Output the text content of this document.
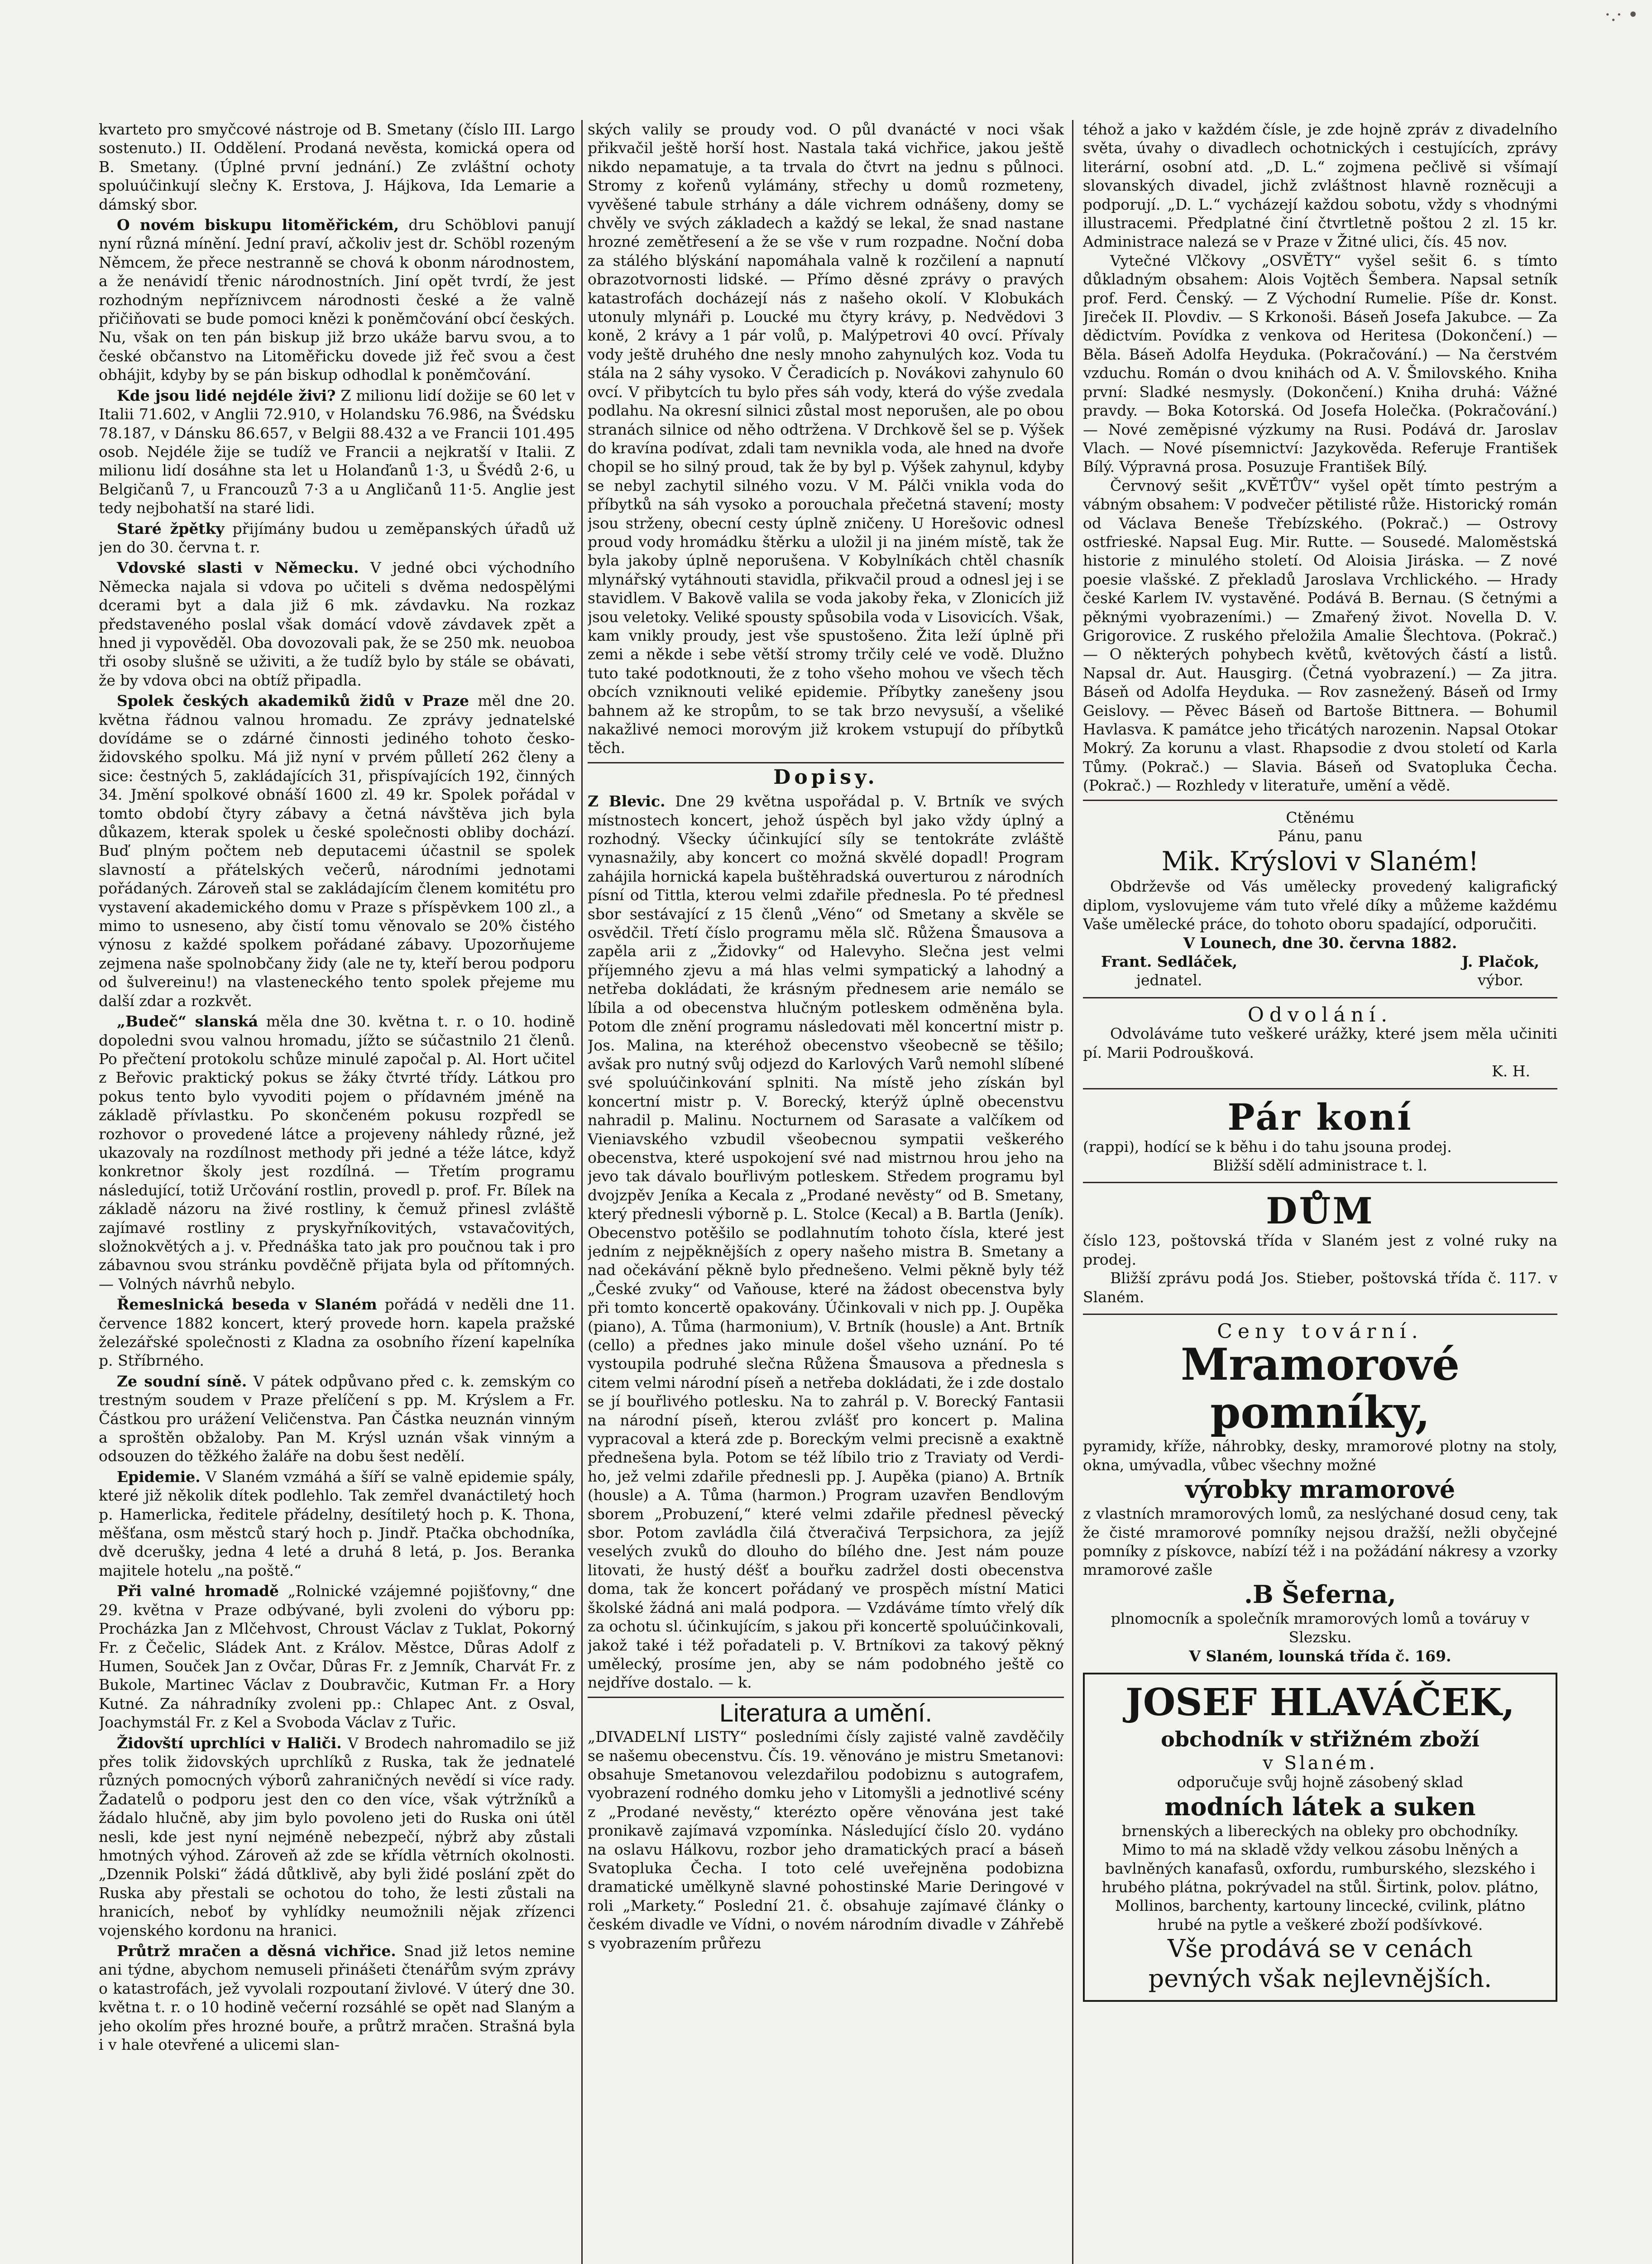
·.· •

kvarteto pro smyčcové nástroje od B. Smetany (číslo III. Largo sostenuto.) II. Oddělení. Prodaná nevěsta, komická opera od B. Smetany. (Úplné první jednání.) Ze zvláštní ochoty spoluúčinkují slečny K. Erstova, J. Hájkova, Ida Lemarie a dámský sbor.

O novém biskupu litoměřickém, dru Schöblovi panují nyní různá mínění. Jední praví, ačkoliv jest dr. Schöbl rozeným Němcem, že přece nestranně se chová k obonm národnostem, a že nenávidí třenic národnostních. Jiní opět tvrdí, že jest rozhodným nepříznivcem národnosti české a že valně přičiňovati se bude pomoci knězi k poněmčování obcí českých. Nu, však on ten pán biskup již brzo ukáže barvu svou, a to české občanstvo na Litoměřicku dovede již řeč svou a čest obhájit, kdyby by se pán biskup odhodlal k poněmčování.

Kde jsou lidé nejdéle živi? Z milionu lidí dožije se 60 let v Italii 71.602, v Anglii 72.910, v Holandsku 76.986, na Švédsku 78.187, v Dánsku 86.657, v Belgii 88.432 a ve Francii 101.495 osob. Nejdéle žije se tudíž ve Francii a nejkratší v Italii. Z milionu lidí dosáhne sta let u Holanďanů 1·3, u Švédů 2·6, u Belgičanů 7, u Francouzů 7·3 a u Angličanů 11·5. Anglie jest tedy nejbohatší na staré lidi.

Staré žpětky přijímány budou u zeměpanských úřadů už jen do 30. června t. r.

Vdovské slasti v Německu. V jedné obci východního Německa najala si vdova po učiteli s dvěma nedospělými dcerami byt a dala již 6 mk. závdavku. Na rozkaz představeného poslal však domácí vdově závdavek zpět a hned ji vypověděl. Oba dovozovali pak, že se 250 mk. neuoboa tři osoby slušně se uživiti, a že tudíž bylo by stále se obávati, že by vdova obci na obtíž připadla.

Spolek českých akademiků židů v Praze měl dne 20. května řádnou valnou hromadu. Ze zprávy jednatelské dovídáme se o zdárné činnosti jediného tohoto česko-židovského spolku. Má již nyní v prvém půlletí 262 členy a sice: čestných 5, zakládajících 31, přispívajících 192, činných 34. Jmění spolkové obnáší 1600 zl. 49 kr. Spolek pořádal v tomto období čtyry zábavy a četná návštěva jich byla důkazem, kterak spolek u české společnosti obliby dochází. Buď plným počtem neb deputacemi účastnil se spolek slavností a přátelských večerů, národními jednotami pořádaných. Zároveň stal se zakládajícím členem komitétu pro vystavení akademického domu v Praze s příspěvkem 100 zl., a mimo to usneseno, aby čistí tomu věnovalo se 20% čistého výnosu z každé spolkem pořádané zábavy. Upozorňujeme zejmena naše spolnobčany židy (ale ne ty, kteří berou podporu od šulvereinu!) na vlasteneckého tento spolek přejeme mu další zdar a rozkvět.

„Budeč“ slanská měla dne 30. května t. r. o 10. hodině dopoledni svou valnou hromadu, jížto se súčastnilo 21 členů. Po přečtení protokolu schůze minulé započal p. Al. Hort učitel z Beřovic praktický pokus se žáky čtvrté třídy. Látkou pro pokus tento bylo vyvoditi pojem o přídavném jméně na základě přívlastku. Po skončeném pokusu rozpředl se rozhovor o provedené látce a projeveny náhledy různé, jež ukazovaly na rozdílnost methody při jedné a téže látce, když konkretnor školy jest rozdílná. — Třetím programu následující, totiž Určování rostlin, provedl p. prof. Fr. Bílek na základě názoru na živé rostliny, k čemuž přinesl zvláště zajímavé rostliny z pryskyřníkovitých, vstavačovitých, složnokvětých a j. v. Přednáška tato jak pro poučnou tak i pro zábavnou svou stránku povděčně přijata byla od přítomných. — Volných návrhů nebylo.

Řemeslnická beseda v Slaném pořádá v neděli dne 11. července 1882 koncert, který provede horn. kapela pražské železářské společnosti z Kladna za osobního řízení kapelníka p. Stříbrného.

Ze soudní síně. V pátek odpůvano před c. k. zemským co trestným soudem v Praze přelíčení s pp. M. Krýslem a Fr. Částkou pro urážení Veličenstva. Pan Částka neuznán vinným a sproštěn obžaloby. Pan M. Krýsl uznán však vinným a odsouzen do těžkého žaláře na dobu šest nedělí.

Epidemie. V Slaném vzmáhá a šíří se valně epidemie spály, které již několik dítek podlehlo. Tak zemřel dvanáctiletý hoch p. Hamerlicka, ředitele přádelny, desítiletý hoch p. K. Thona, měšťana, osm městců starý hoch p. Jindř. Ptačka obchodníka, dvě dcerušky, jedna 4 leté a druhá 8 letá, p. Jos. Beranka majitele hotelu „na poště.“

Při valné hromadě „Rolnické vzájemné pojišťovny,“ dne 29. května v Praze odbývané, byli zvoleni do výboru pp: Procházka Jan z Mlčehvost, Chroust Václav z Tuklat, Pokorný Fr. z Čečelic, Sládek Ant. z Králov. Městce, Důras Adolf z Humen, Souček Jan z Ovčar, Důras Fr. z Jemník, Charvát Fr. z Bukole, Martinec Václav z Doubravčic, Kutman Fr. a Hory Kutné. Za náhradníky zvoleni pp.: Chlapec Ant. z Osval, Joachymstál Fr. z Kel a Svoboda Václav z Tuřic.

Židovští uprchlíci v Haliči. V Brodech nahromadilo se již přes tolik židovských uprchlíků z Ruska, tak že jednatelé různých pomocných výborů zahraničných nevědí si více rady. Žadatelů o podporu jest den co den více, však výtržníků a žádalo hlučně, aby jim bylo povoleno jeti do Ruska oni útěl nesli, kde jest nyní nejméně nebezpečí, nýbrž aby zůstali hmotných výhod. Zároveň až zde se křídla větrních okolnosti. „Dzennik Polski“ žádá důtklivě, aby byli židé poslání zpět do Ruska aby přestali se ochotou do toho, že lesti zůstali na hranicích, neboť by vyhlídky neumožnili nějak zřízenci vojenského kordonu na hranici.

Průtrž mračen a děsná vichřice. Snad již letos nemine ani týdne, abychom nemuseli přinášeti čtenářům svým zprávy o katastrofách, jež vyvolali rozpoutaní živlové. V úterý dne 30. května t. r. o 10 hodině večerní rozsáhlé se opět nad Slaným a jeho okolím přes hrozné bouře, a průtrž mračen. Strašná byla i v hale otevřené a ulicemi slan-

ských valily se proudy vod. O půl dvanácté v noci však přikvačil ještě horší host. Nastala taká vichřice, jakou ještě nikdo nepamatuje, a ta trvala do čtvrt na jednu s půlnoci. Stromy z kořenů vylámány, střechy u domů rozmeteny, vyvěšené tabule strhány a dále vichrem odnášeny, domy se chvěly ve svých základech a každý se lekal, že snad nastane hrozné zemětřesení a že se vše v rum rozpadne. Noční doba za stálého blýskání napomáhala valně k rozčilení a napnutí obrazotvornosti lidské. — Přímo děsné zprávy o pravých katastrofách docházejí nás z našeho okolí. V Klobukách utonuly mlynáři p. Loucké mu čtyry krávy, p. Nedvědovi 3 koně, 2 krávy a 1 pár volů, p. Malýpetrovi 40 ovcí. Přívaly vody ještě druhého dne nesly mnoho zahynulých koz. Voda tu stála na 2 sáhy vysoko. V Čeradicích p. Novákovi zahynulo 60 ovcí. V přibytcích tu bylo přes sáh vody, která do výše zvedala podlahu. Na okresní silnici zůstal most neporušen, ale po obou stranách silnice od něho odtržena. V Drchkově šel se p. Výšek do kravína podívat, zdali tam nevnikla voda, ale hned na dvoře chopil se ho silný proud, tak že by byl p. Výšek zahynul, kdyby se nebyl zachytil silného vozu. V M. Pálči vnikla voda do příbytků na sáh vysoko a porouchala přečetná stavení; mosty jsou strženy, obecní cesty úplně zničeny. U Horešovic odnesl proud vody hromádku štěrku a uložil ji na jiném místě, tak že byla jakoby úplně neporušena. V Kobylníkách chtěl chasník mlynářský vytáhnouti stavidla, přikvačil proud a odnesl jej i se stavidlem. V Bakově valila se voda jakoby řeka, v Zlonicích již jsou veletoky. Veliké spousty spůsobila voda v Lisovicích. Však, kam vnikly proudy, jest vše spustošeno. Žita leží úplně při zemi a někde i sebe větší stromy trčily celé ve vodě. Dlužno tuto také podotknouti, že z toho všeho mohou ve všech těch obcích vzniknouti veliké epidemie. Příbytky zanešeny jsou bahnem až ke stropům, to se tak brzo nevysuší, a všeliké nakažlivé nemoci morovým již krokem vstupují do příbytků těch.

Dopisy.

Z Blevic. Dne 29 května uspořádal p. V. Brtník ve svých místnostech koncert, jehož úspěch byl jako vždy úplný a rozhodný. Všecky účinkující síly se tentokráte zvláště vynasnažily, aby koncert co možná skvělé dopadl! Program zahájila hornická kapela buštěhradská ouverturou z národních písní od Tittla, kterou velmi zdařile přednesla. Po té přednesl sbor sestávající z 15 členů „Véno“ od Smetany a skvěle se osvědčil. Třetí číslo programu měla slč. Růžena Šmausova a zapěla arii z „Židovky“ od Halevyho. Slečna jest velmi příjemného zjevu a má hlas velmi sympatický a lahodný a netřeba dokládati, že krásným přednesem arie nemálo se líbila a od obecenstva hlučným potleskem odměněna byla. Potom dle znění programu následovati měl koncertní mistr p. Jos. Malina, na kteréhož obecenstvo všeobecně se těšilo; avšak pro nutný svůj odjezd do Karlových Varů nemohl slíbené své spoluúčinkování splniti. Na místě jeho získán byl koncertní mistr p. V. Borecký, kterýž úplně obecenstvu nahradil p. Malinu. Nocturnem od Sarasate a valčíkem od Vieniavského vzbudil všeobecnou sympatii veškerého obecenstva, které uspokojení své nad mistrnou hrou jeho na jevo tak dávalo bouřlivým potleskem. Středem programu byl dvojzpěv Jeníka a Kecala z „Prodané nevěsty“ od B. Smetany, který přednesli výborně p. L. Stolce (Kecal) a B. Bartla (Jeník). Obecenstvo potěšilo se podlahnutím tohoto čísla, které jest jedním z nejpěknějších z opery našeho mistra B. Smetany a nad očekávání pěkně bylo přednešeno. Velmi pěkně byly též „České zvuky“ od Vaňouse, které na žádost obecenstva byly při tomto koncertě opakovány. Účinkovali v nich pp. J. Oupěka (piano), A. Tůma (harmonium), V. Brtník (housle) a Ant. Brtník (cello) a přednes jako minule došel všeho uznání. Po té vystoupila podruhé slečna Růžena Šmausova a přednesla s citem velmi národní píseň a netřeba dokládati, že i zde dostalo se jí bouřlivého potlesku. Na to zahrál p. V. Borecký Fantasii na národní píseň, kterou zvlášť pro koncert p. Malina vypracoval a která zde p. Boreckým velmi precisně a exaktně přednešena byla. Potom se též líbilo trio z Traviaty od Verdi-ho, jež velmi zdařile přednesli pp. J. Aupěka (piano) A. Brtník (housle) a A. Tůma (harmon.) Program uzavřen Bendlovým sborem „Probuzení,“ které velmi zdařile přednesl pěvecký sbor. Potom zavládla čilá čtveračivá Terpsichora, za jejíž veselých zvuků do dlouho do bílého dne. Jest nám pouze litovati, že hustý déšť a bouřku zadržel dosti obecenstva doma, tak že koncert pořádaný ve prospěch místní Matici školské žádná ani malá podpora. — Vzdáváme tímto vřelý dík za ochotu sl. účinkujícím, s jakou při koncertě spoluúčinkovali, jakož také i též pořadateli p. V. Brtníkovi za takový pěkný umělecký, prosíme jen, aby se nám podobného ještě co nejdříve dostalo. — k.

Literatura a umění.

„DIVADELNÍ LISTY“ posledními čísly zajisté valně zavděčily se našemu obecenstvu. Čís. 19. věnováno je mistru Smetanovi: obsahuje Smetanovou velezdařilou podobiznu s autografem, vyobrazení rodného domku jeho v Litomyšli a jednotlivé scény z „Prodané nevěsty,“ kterézto opěre věnována jest také pronikavě zajímavá vzpomínka. Následující číslo 20. vydáno na oslavu Hálkovu, rozbor jeho dramatických prací a báseň Svatopluka Čecha. I toto celé uveřejněna podobizna dramatické umělkyně slavné pohostinské Marie Deringové v roli „Markety.“ Poslední 21. č. obsahuje zajímavé články o českém divadle ve Vídni, o novém národním divadle v Záhřebě s vyobrazením průřezu

téhož a jako v každém čísle, je zde hojně zpráv z divadelního světa, úvahy o divadlech ochotnických i cestujících, zprávy literární, osobní atd. „D. L.“ zojmena pečlivě si všímají slovanských divadel, jichž zvláštnost hlavně rozněcuji a podporují. „D. L.“ vycházejí každou sobotu, vždy s vhodnými illustracemi. Předplatné činí čtvrtletně poštou 2 zl. 15 kr. Administrace nalezá se v Praze v Žitné ulici, čís. 45 nov.

Vytečné Vlčkovy „OSVĚTY“ vyšel sešit 6. s tímto důkladným obsahem: Alois Vojtěch Šembera. Napsal setník prof. Ferd. Čenský. — Z Východní Rumelie. Píše dr. Konst. Jireček II. Plovdiv. — S Krkonoši. Báseň Josefa Jakubce. — Za dědictvím. Povídka z venkova od Heritesa (Dokončení.) — Běla. Báseň Adolfa Heyduka. (Pokračování.) — Na čerstvém vzduchu. Román o dvou knihách od A. V. Šmilovského. Kniha první: Sladké nesmysly. (Dokončení.) Kniha druhá: Vážné pravdy. — Boka Kotorská. Od Josefa Holečka. (Pokračování.) — Nové zeměpisné výzkumy na Rusi. Podává dr. Jaroslav Vlach. — Nové písemnictví: Jazykověda. Referuje František Bílý. Výpravná prosa. Posuzuje František Bílý.

Červnový sešit „KVĚTŮV“ vyšel opět tímto pestrým a vábným obsahem: V podvečer pětilisté růže. Historický román od Václava Beneše Třebízského. (Pokrač.) — Ostrovy ostfrieské. Napsal Eug. Mir. Rutte. — Sousedé. Maloměstská historie z minulého století. Od Aloisia Jiráska. — Z nové poesie vlašské. Z překladů Jaroslava Vrchlického. — Hrady české Karlem IV. vystavěné. Podává B. Bernau. (S četnými a pěknými vyobrazeními.) — Zmařený život. Novella D. V. Grigorovice. Z ruského přeložila Amalie Šlechtova. (Pokrač.) — O některých pohybech květů, květových částí a listů. Napsal dr. Aut. Hausgirg. (Četná vyobrazení.) — Za jitra. Báseň od Adolfa Heyduka. — Rov zasnežený. Báseň od Irmy Geislovy. — Pěvec Báseň od Bartoše Bittnera. — Bohumil Havlasva. K památce jeho třicátých narozenin. Napsal Otokar Mokrý. Za korunu a vlast. Rhapsodie z dvou století od Karla Tůmy. (Pokrač.) — Slavia. Báseň od Svatopluka Čecha. (Pokrač.) — Rozhledy v literatuře, umění a vědě.

Ctěnému

Pánu, panu

Mik. Krýslovi v Slaném!

Obdrževše od Vás umělecky provedený kaligrafický diplom, vyslovujeme vám tuto vřelé díky a můžeme každému Vaše umělecké práce, do tohoto oboru spadající, odporučiti.

V Lounech, dne 30. června 1882.

Frant. Sedláček,

jednatel.

J. Plačok,

výbor.

Odvolání.

Odvoláváme tuto veškeré urážky, které jsem měla učiniti pí. Marii Podroušková.

K. H.

Pár koní

(rappi), hodící se k běhu i do tahu jsouna prodej.

Bližší sdělí administrace t. l.

DŮM

číslo 123, poštovská třída v Slaném jest z volné ruky na prodej.

Bližší zprávu podá Jos. Stieber, poštovská třída č. 117. v Slaném.

Ceny tovární.

Mramorové pomníky,

pyramidy, kříže, náhrobky, desky, mramorové plotny na stoly, okna, umývadla, vůbec všechny možné

výrobky mramorové

z vlastních mramorových lomů, za neslýchané dosud ceny, tak že čisté mramorové pomníky nejsou dražší, nežli obyčejné pomníky z pískovce, nabízí též i na požádání nákresy a vzorky mramorové zašle

.B Šeferna,

plnomocník a společník mramorových lomů a továruy v Slezsku.

V Slaném, lounská třída č. 169.

JOSEF HLAVÁČEK,

obchodník v střižném zboží

v Slaném.

odporučuje svůj hojně zásobený sklad

modních látek a suken

brnenských a libereckých na obleky pro obchodníky.

Mimo to má na skladě vždy velkou zásobu lněných a bavlněných kanafasů, oxfordu, rumburského, slezského i hrubého plátna, pokrývadel na stůl. Širtink, polov. plátno, Mollinos, barchenty, kartouny lincecké, cvilink, plátno hrubé na pytle a veškeré zboží podšívkové.

Vše prodává se v cenách

pevných však nejlevnějších.
